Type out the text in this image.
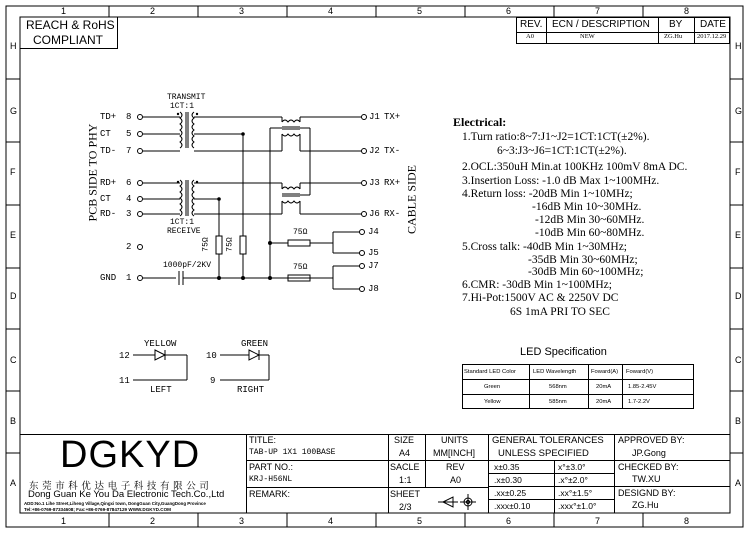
1	2	3	4	5	6	7	8
1	2	3	4	5	6	7	8
H
G
F
E
D
C
B
A
H
G
F
E
D
C
B
A
REACH & RoHS
COMPLIANT
REV. ECN / DESCRIPTION BY DATE
A0	NEW	ZG.Hu 2017.12.29
PCB SIDE TO PHY	CABLE SIDE
TRANSMIT
1CT:1
1CT:1
RECEIVE
TD+ 8
CT 5
TD- 7
RD+ 6
CT 4
RD- 3
2
GND 1
J1 TX+
J2 TX-
J3 RX+
J6 RX-
J4
J5
J7
J8
75Ω 75Ω
75Ω
75Ω
1000pF/2KV
YELLOW
12
11
LEFT
GREEN
10
9
RIGHT
Electrical:
1.Turn ratio:8~7:J1~J2=1CT:1CT(±2%).
6~3:J3~J6=1CT:1CT(±2%).
2.OCL:350uH Min.at 100KHz 100mV 8mA DC.
3.Insertion Loss: -1.0 dB Max 1~100MHz.
4.Return loss: -20dB Min 1~10MHz;
-16dB Min 10~30MHz.
-12dB Min 30~60MHz.
-10dB Min 60~80MHz.
5.Cross talk: -40dB Min 1~30MHz;
-35dB Min 30~60MHz;
-30dB Min 60~100MHz;
6.CMR: -30dB Min 1~100MHz;
7.Hi-Pot:1500V AC & 2250V DC
6S 1mA PRI TO SEC
LED Specification
Standard LED Color	LED Wavelength	Foward(A) Foward(V)
Green	568nm	20mA	1.85-2.45V
Yellow	585nm	20mA	1.7-2.2V
DGKYD
东莞市科优达电子科技有限公司
Dong Guan Ke You Da Electronic Tech.Co.,Ltd
ADD:No.1 Lihe Street,Liheng Village,Qingxi town, DongGuan City,GuangDong Province
Tel:+86-0769-87334608; Fax:+86-0769-87847129 WWW.DGKYD.COM
TITLE:
TAB-UP 1X1 100BASE
SIZE
A4
UNITS
MM[INCH]
GENERAL TOLERANCES
UNLESS SPECIFIED
x±0.35	x°±3.0°
.x±0.30	.x°±2.0°
.xx±0.25	.xx°±1.5°
.xxx±0.10	.xxx°±1.0°
APPROVED BY:
JP.Gong
CHECKED BY:
TW.XU
DESIGND BY:
ZG.Hu
PART NO.:
KRJ-H56NL
SACLE
1:1
REV
A0
REMARK:	SHEET
2/3
